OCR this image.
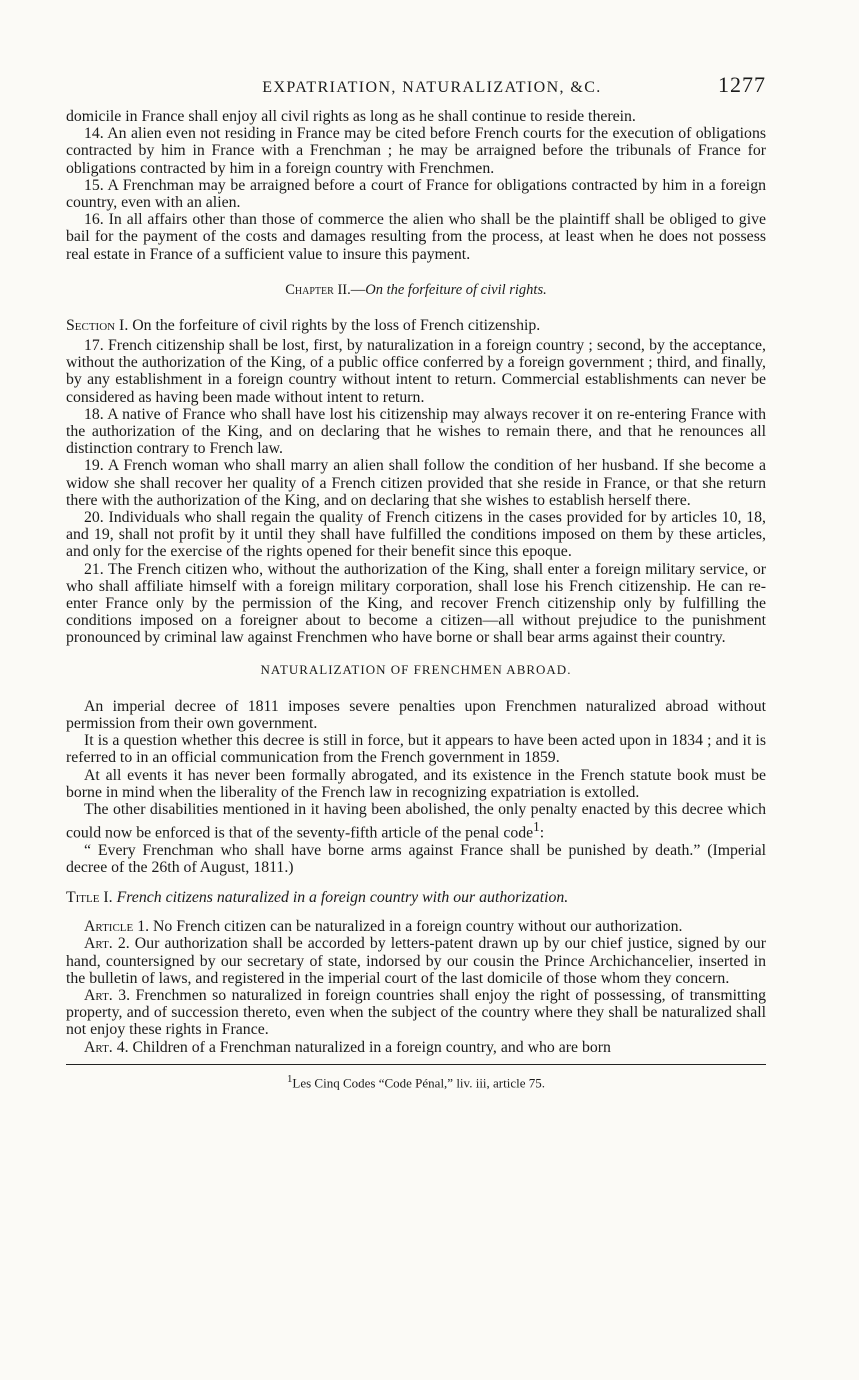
EXPATRIATION, NATURALIZATION, &C.	1277

domicile in France shall enjoy all civil rights as long as he shall continue to reside therein.

14. An alien even not residing in France may be cited before French courts for the execution of obligations contracted by him in France with a Frenchman ; he may be arraigned before the tribunals of France for obligations contracted by him in a foreign country with Frenchmen.

15. A Frenchman may be arraigned before a court of France for obligations contracted by him in a foreign country, even with an alien.

16. In all affairs other than those of commerce the alien who shall be the plaintiff shall be obliged to give bail for the payment of the costs and damages resulting from the process, at least when he does not possess real estate in France of a sufficient value to insure this payment.

Chapter II.—On the forfeiture of civil rights.

Section I. On the forfeiture of civil rights by the loss of French citizenship.

17. French citizenship shall be lost, first, by naturalization in a foreign country ; second, by the acceptance, without the authorization of the King, of a public office conferred by a foreign government ; third, and finally, by any establishment in a foreign country without intent to return. Commercial establishments can never be considered as having been made without intent to return.

18. A native of France who shall have lost his citizenship may always recover it on re-entering France with the authorization of the King, and on declaring that he wishes to remain there, and that he renounces all distinction contrary to French law.

19. A French woman who shall marry an alien shall follow the condition of her husband. If she become a widow she shall recover her quality of a French citizen provided that she reside in France, or that she return there with the authorization of the King, and on declaring that she wishes to establish herself there.

20. Individuals who shall regain the quality of French citizens in the cases provided for by articles 10, 18, and 19, shall not profit by it until they shall have fulfilled the conditions imposed on them by these articles, and only for the exercise of the rights opened for their benefit since this epoque.

21. The French citizen who, without the authorization of the King, shall enter a foreign military service, or who shall affiliate himself with a foreign military corporation, shall lose his French citizenship. He can re-enter France only by the permission of the King, and recover French citizenship only by fulfilling the conditions imposed on a foreigner about to become a citizen—all without prejudice to the punishment pronounced by criminal law against Frenchmen who have borne or shall bear arms against their country.

NATURALIZATION OF FRENCHMEN ABROAD.

An imperial decree of 1811 imposes severe penalties upon Frenchmen naturalized abroad without permission from their own government.

It is a question whether this decree is still in force, but it appears to have been acted upon in 1834 ; and it is referred to in an official communication from the French government in 1859.

At all events it has never been formally abrogated, and its existence in the French statute book must be borne in mind when the liberality of the French law in recognizing expatriation is extolled.

The other disabilities mentioned in it having been abolished, the only penalty enacted by this decree which could now be enforced is that of the seventy-fifth article of the penal code$^1$:

“ Every Frenchman who shall have borne arms against France shall be punished by death.” (Imperial decree of the 26th of August, 1811.)

Title I. French citizens naturalized in a foreign country with our authorization.

Article 1. No French citizen can be naturalized in a foreign country without our authorization.

Art. 2. Our authorization shall be accorded by letters-patent drawn up by our chief justice, signed by our hand, countersigned by our secretary of state, indorsed by our cousin the Prince Archichancelier, inserted in the bulletin of laws, and registered in the imperial court of the last domicile of those whom they concern.

Art. 3. Frenchmen so naturalized in foreign countries shall enjoy the right of possessing, of transmitting property, and of succession thereto, even when the subject of the country where they shall be naturalized shall not enjoy these rights in France.

Art. 4. Children of a Frenchman naturalized in a foreign country, and who are born

$^1$Les Cinq Codes “Code Pénal,” liv. iii, article 75.
